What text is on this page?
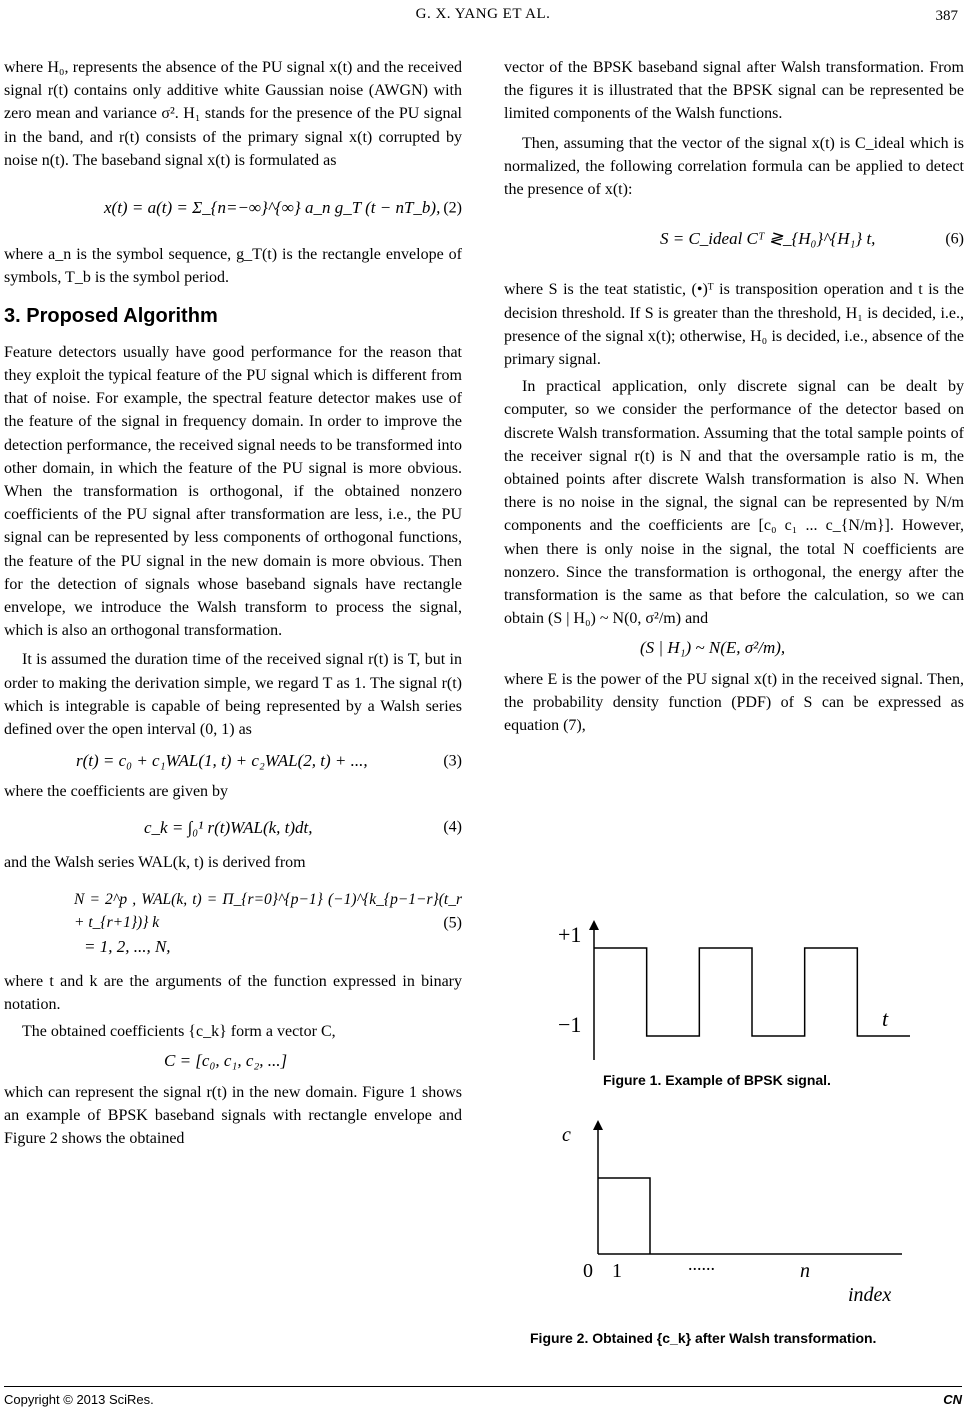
G. X. YANG ET AL.	387

where H₀, represents the absence of the PU signal x(t) and the received signal r(t) contains only additive white Gaussian noise (AWGN) with zero mean and variance σ². H₁ stands for the presence of the PU signal in the band, and r(t) consists of the primary signal x(t) corrupted by noise n(t). The baseband signal x(t) is formulated as

x(t) = a(t) = Σ_{n=−∞}^{∞} a_n g_T (t − nT_b), (2)

where a_n is the symbol sequence, g_T(t) is the rectangle envelope of symbols, T_b is the symbol period.

3. Proposed Algorithm

Feature detectors usually have good performance for the reason that they exploit the typical feature of the PU signal which is different from that of noise. For example, the spectral feature detector makes use of the feature of the signal in frequency domain. In order to improve the detection performance, the received signal needs to be transformed into other domain, in which the feature of the PU signal is more obvious. When the transformation is orthogonal, if the obtained nonzero coefficients of the PU signal after transformation are less, i.e., the PU signal can be represented by less components of orthogonal functions, the feature of the PU signal in the new domain is more obvious. Then for the detection of signals whose baseband signals have rectangle envelope, we introduce the Walsh transform to process the signal, which is also an orthogonal transformation.

It is assumed the duration time of the received signal r(t) is T, but in order to making the derivation simple, we regard T as 1. The signal r(t) which is integrable is capable of being represented by a Walsh series defined over the open interval (0, 1) as

r(t) = c₀ + c₁WAL(1, t) + c₂WAL(2, t) + ...,	(3)

where the coefficients are given by

c_k = ∫₀¹ r(t)WAL(k, t)dt,	(4)

and the Walsh series WAL(k, t) is derived from

N = 2^p , WAL(k, t) = Π_{r=0}^{p−1} (−1)^{k_{p−1−r}(t_r + t_{r+1})} k
= 1, 2, ..., N,
(5)

where t and k are the arguments of the function expressed in binary notation.

The obtained coefficients {c_k} form a vector C,

C = [c₀, c₁, c₂, ...]

which can represent the signal r(t) in the new domain. Figure 1 shows an example of BPSK baseband signals with rectangle envelope and Figure 2 shows the obtained

vector of the BPSK baseband signal after Walsh transformation. From the figures it is illustrated that the BPSK signal can be represented be limited components of the Walsh functions.

Then, assuming that the vector of the signal x(t) is C_ideal which is normalized, the following correlation formula can be applied to detect the presence of x(t):

S = C_ideal Cᵀ ≷_{H₀}^{H₁} t,	(6)

where S is the teat statistic, (•)ᵀ is transposition operation and t is the decision threshold. If S is greater than the threshold, H₁ is decided, i.e., presence of the signal x(t); otherwise, H₀ is decided, i.e., absence of the primary signal.

In practical application, only discrete signal can be dealt by computer, so we consider the performance of the detector based on discrete Walsh transformation. Assuming that the total sample points of the receiver signal r(t) is N and that the oversample ratio is m, the obtained points after discrete Walsh transformation is also N. When there is no noise in the signal, the signal can be represented by N/m components and the coefficients are [c₀ c₁ ... c_{N/m}]. However, when there is only noise in the signal, the total N coefficients are nonzero. Since the transformation is orthogonal, the energy after the transformation is the same as that before the calculation, so we can obtain (S | H₀) ~ N(0, σ²/m) and

(S | H₁) ~ N(E, σ²/m),

where E is the power of the PU signal x(t) in the received signal. Then, the probability density function (PDF) of S can be expressed as equation (7),

+1
−1	t
Figure 1. Example of BPSK signal.
c
0 1	......	n
index
Figure 2. Obtained {c_k} after Walsh transformation.
Copyright © 2013 SciRes.	CN
